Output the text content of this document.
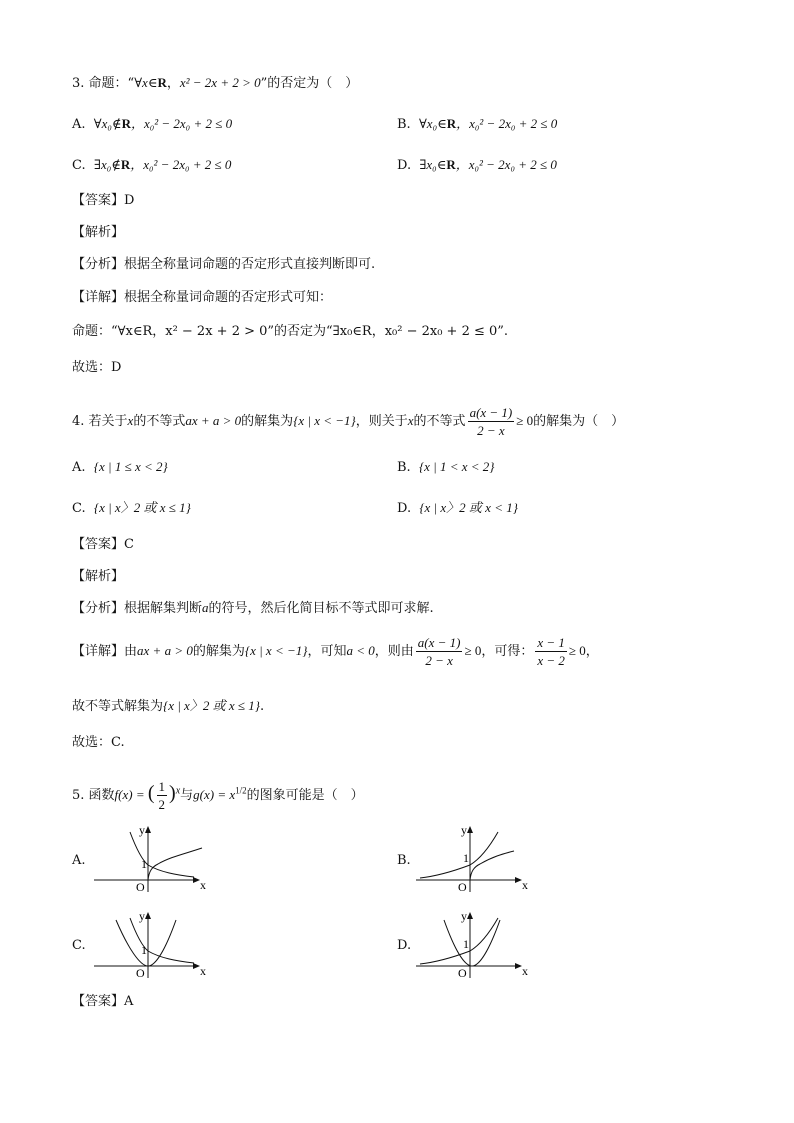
3. 命题：“∀x∈R，x² − 2x + 2 > 0”的否定为（　）
A. ∀x₀∉R，x₀² − 2x₀ + 2 ≤ 0	B. ∀x₀∈R，x₀² − 2x₀ + 2 ≤ 0
C. ∃x₀∉R，x₀² − 2x₀ + 2 ≤ 0	D. ∃x₀∈R，x₀² − 2x₀ + 2 ≤ 0
【答案】D
【解析】
【分析】根据全称量词命题的否定形式直接判断即可.
【详解】根据全称量词命题的否定形式可知：
命题：“∀x∈R，x² − 2x + 2 > 0”的否定为“∃x₀∈R，x₀² − 2x₀ + 2 ≤ 0”.
故选：D
4. 若关于x的不等式ax + a > 0的解集为{x | x < −1}，则关于x的不等式 $\frac{a(x - 1)}{2 - x} \ge 0$的解集为（　）
A. {x | 1 ≤ x < 2}	B. {x | 1 < x < 2}
C. {x | x〉2 或 x ≤ 1}	D. {x | x〉2 或 x < 1}
【答案】C
【解析】
【分析】根据解集判断a的符号，然后化简目标不等式即可求解.
【详解】由ax + a > 0的解集为{x | x < −1}，可知a < 0，则由 $\frac{a(x - 1)}{2 - x} \ge 0$，可得： $\frac{x - 1}{x - 2} \ge 0$，
故不等式解集为{x | x〉2 或 x ≤ 1}.
故选：C.
5. 函数f(x) = ( $\frac{1}{2} )^x$与$g(x) = x^{1/2}$的图象可能是（　）
A.	B.
C.	D.
x
y
O
1
x
y
O
1
x
y
O
1
x
y
O
1
【答案】A
